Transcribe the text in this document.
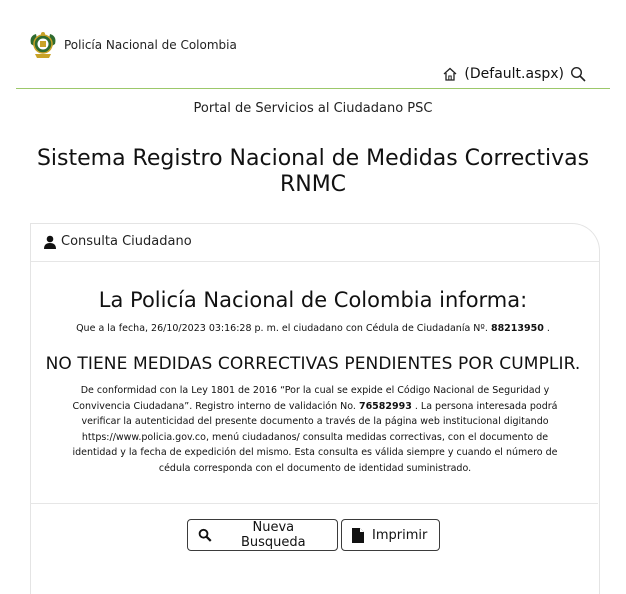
Policía Nacional de Colombia
(Default.aspx)
Portal de Servicios al Ciudadano PSC
Sistema Registro Nacional de Medidas Correctivas
RNMC
Consulta Ciudadano
La Policía Nacional de Colombia informa:
Que a la fecha, 26/10/2023 03:16:28 p. m. el ciudadano con Cédula de Ciudadanía Nº. 88213950 .
NO TIENE MEDIDAS CORRECTIVAS PENDIENTES POR CUMPLIR.
De conformidad con la Ley 1801 de 2016 “Por la cual se expide el Código Nacional de Seguridad y Convivencia Ciudadana”. Registro interno de validación No. 76582993 . La persona interesada podrá verificar la autenticidad del presente documento a través de la página web institucional digitando https://www.policia.gov.co, menú ciudadanos/ consulta medidas correctivas, con el documento de identidad y la fecha de expedición del mismo. Esta consulta es válida siempre y cuando el número de cédula corresponda con el documento de identidad suministrado.
Nueva Busqueda	Imprimir
